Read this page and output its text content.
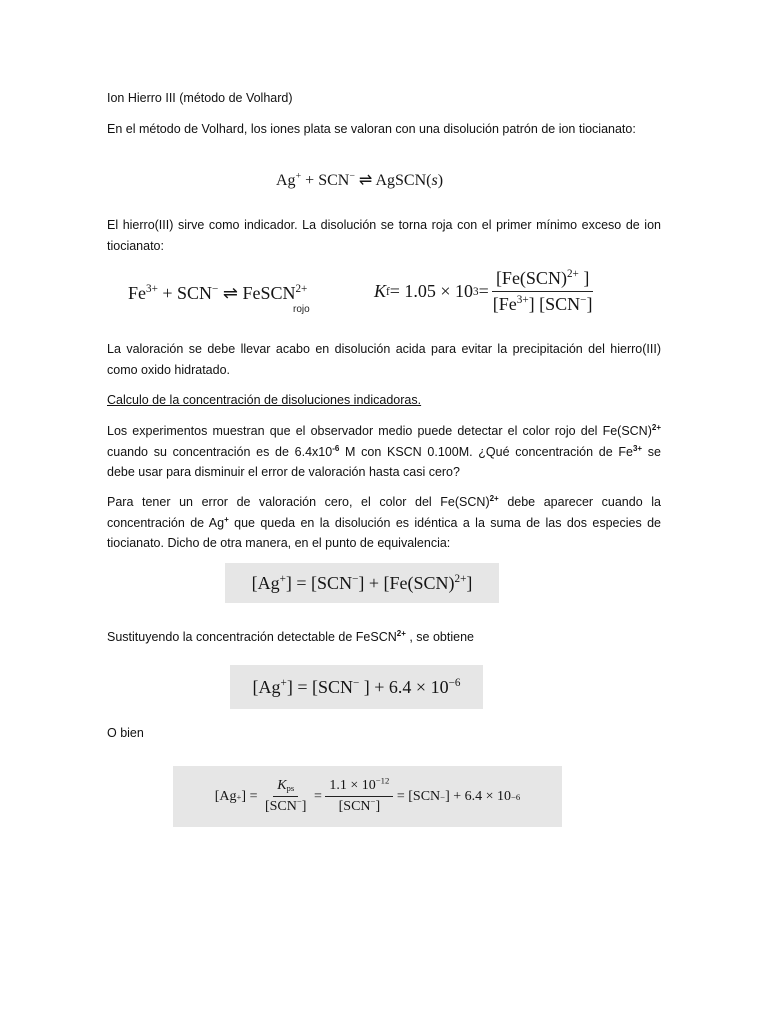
Ion Hierro III (método de Volhard)

En el método de Volhard, los iones plata se valoran con una disolución patrón de ion tiocianato:

Ag+ + SCN− ⇌ AgSCN(s)

El hierro(III) sirve como indicador. La disolución se torna roja con el primer mínimo exceso de ion tiocianato:

$Fe^{3+} + SCN^-$ ⇌ FeSCN$^{2+}$
rojo
K f = 1.05 × 10 $3 = \frac{[Fe(SCN)^{2+} ]}{[Fe^{3+}] [SCN^-]}$

La valoración se debe llevar acabo en disolución acida para evitar la precipitación del hierro(III) como oxido hidratado.

Calculo de la concentración de disoluciones indicadoras.

Los experimentos muestran que el observador medio puede detectar el color rojo del Fe(SCN)$^{2+}$ cuando su concentración es de $6.4x10^{-6}$ M con KSCN 0.100M. ¿Qué concentración de $Fe^{3+}$ se debe usar para disminuir el error de valoración hasta casi cero?

Para tener un error de valoración cero, el color del Fe(SCN)$^{2+}$ debe aparecer cuando la concentración de Ag+ que queda en la disolución es idéntica a la suma de las dos especies de tiocianato. Dicho de otra manera, en el punto de equivalencia:

[Ag+] = [SCN−] + [Fe(SCN)$^{2+}$]

Sustituyendo la concentración detectable de FeSCN$^{2+}$ , se obtiene

[Ag+] = [SCN− ] + $6.4 \times 10^{-6}$

O bien

[Ag + ] = $\frac{K_{ps}}{[SCN^-]} = \frac{1.1 \times 10^{-12}}{[SCN^-]} = [SCN$ − ] + 6.4 × 10 −6
